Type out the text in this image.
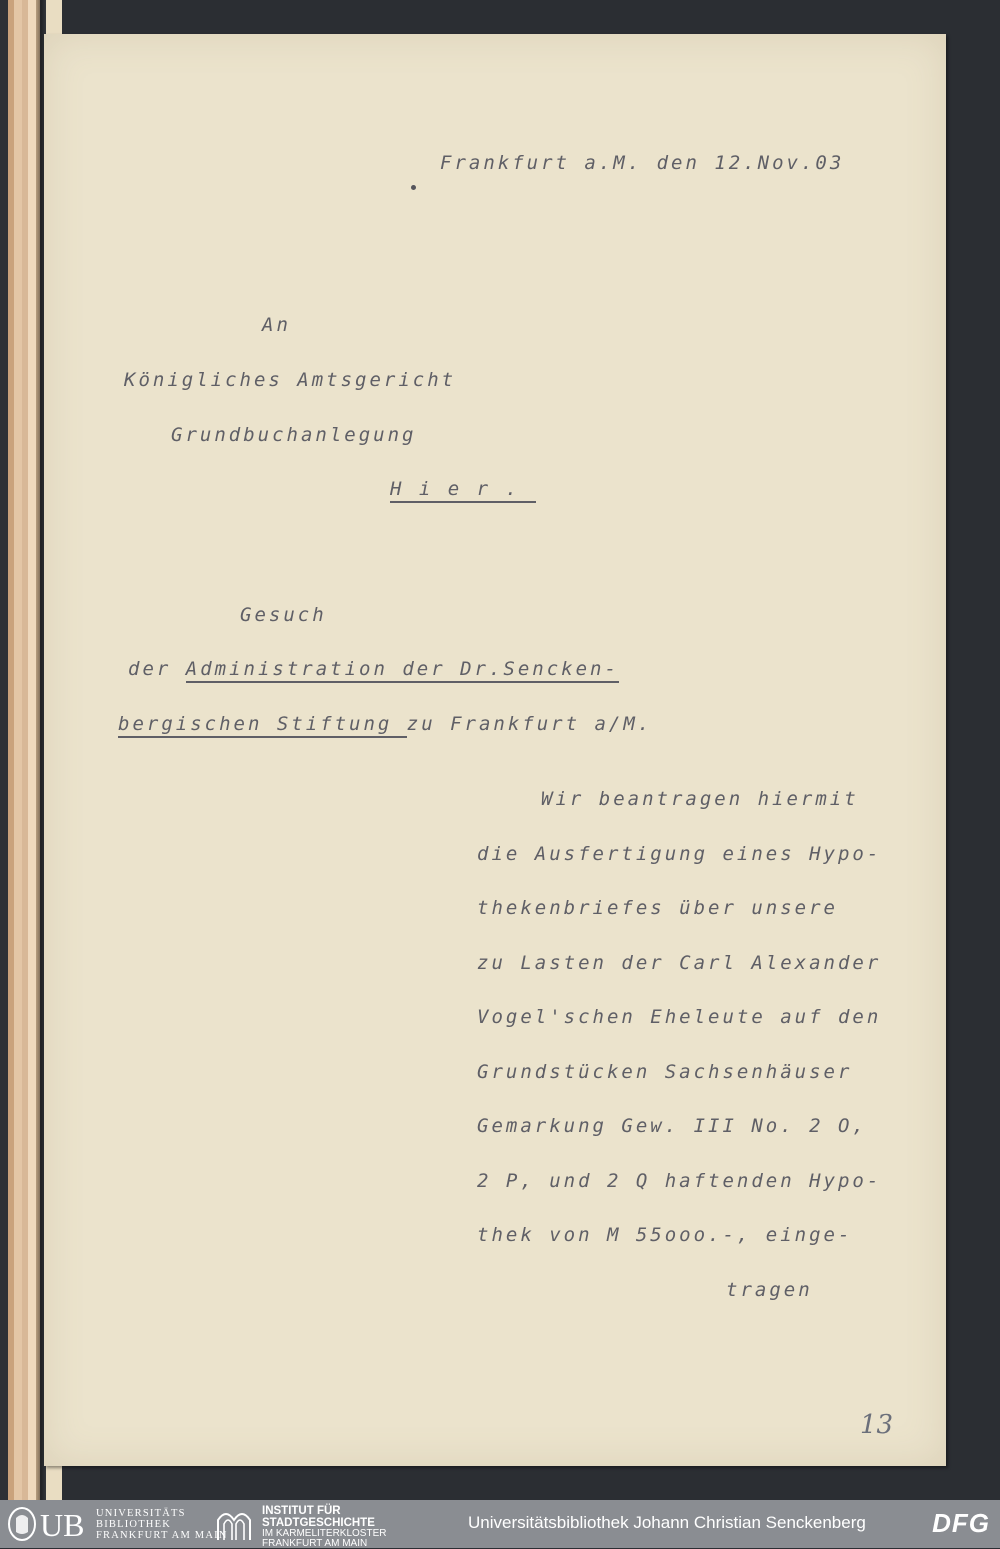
Frankfurt a.M. den 12.Nov.03
An
Königliches Amtsgericht
Grundbuchanlegung
H i e r .
Gesuch
der Administration der Dr.Sencken-
bergischen Stiftung zu Frankfurt a/M.
Wir beantragen hiermit
die Ausfertigung eines Hypo-
thekenbriefes über unsere
zu Lasten der Carl Alexander
Vogel'schen Eheleute auf den
Grundstücken Sachsenhäuser
Gemarkung Gew. III No. 2 O,
2 P, und 2 Q haftenden Hypo-
thek von M 55ooo.-, einge-
tragen
13
UB UNIVERSITÄTS
BIBLIOTHEK
FRANKFURT AM MAIN
INSTITUT FÜR
STADTGESCHICHTE
IM KARMELITERKLOSTER
FRANKFURT AM MAIN
Universitätsbibliothek Johann Christian Senckenberg	DFG
